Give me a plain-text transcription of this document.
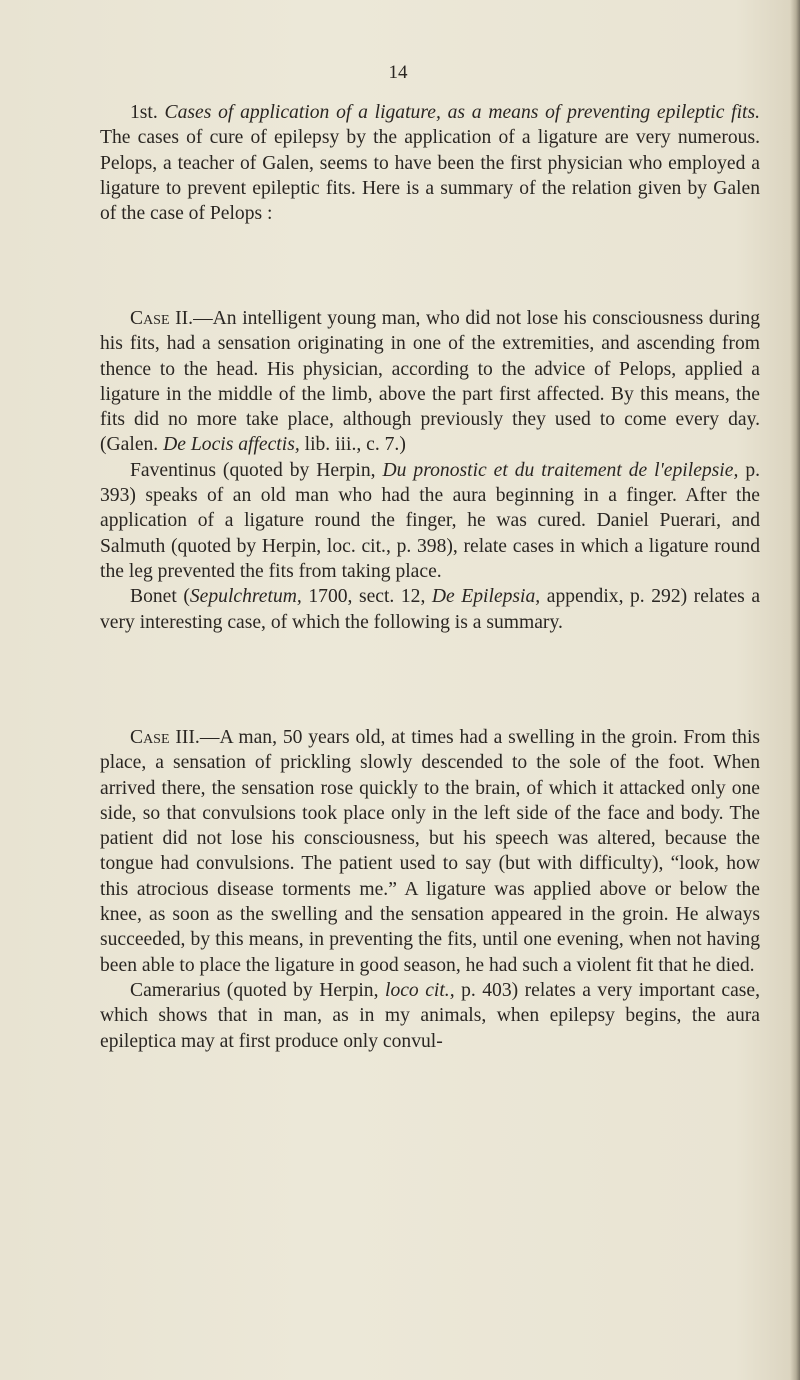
14

1st. Cases of application of a ligature, as a means of preventing epileptic fits. The cases of cure of epilepsy by the application of a ligature are very numerous. Pelops, a teacher of Galen, seems to have been the first physician who employed a ligature to prevent epileptic fits. Here is a summary of the relation given by Galen of the case of Pelops :

Case II.—An intelligent young man, who did not lose his consciousness during his fits, had a sensation originating in one of the extremities, and ascending from thence to the head. His physician, according to the advice of Pelops, applied a ligature in the middle of the limb, above the part first affected. By this means, the fits did no more take place, although previously they used to come every day. (Galen. De Locis affectis, lib. iii., c. 7.)

Faventinus (quoted by Herpin, Du pronostic et du traitement de l'epilepsie, p. 393) speaks of an old man who had the aura beginning in a finger. After the application of a ligature round the finger, he was cured. Daniel Puerari, and Salmuth (quoted by Herpin, loc. cit., p. 398), relate cases in which a ligature round the leg prevented the fits from taking place.

Bonet (Sepulchretum, 1700, sect. 12, De Epilepsia, appendix, p. 292) relates a very interesting case, of which the following is a summary.

Case III.—A man, 50 years old, at times had a swelling in the groin. From this place, a sensation of prickling slowly descended to the sole of the foot. When arrived there, the sensation rose quickly to the brain, of which it attacked only one side, so that convulsions took place only in the left side of the face and body. The patient did not lose his consciousness, but his speech was altered, because the tongue had convulsions. The patient used to say (but with difficulty), “look, how this atrocious disease torments me.” A ligature was applied above or below the knee, as soon as the swelling and the sensation appeared in the groin. He always succeeded, by this means, in preventing the fits, until one evening, when not having been able to place the ligature in good season, he had such a violent fit that he died.

Camerarius (quoted by Herpin, loco cit., p. 403) relates a very important case, which shows that in man, as in my animals, when epilepsy begins, the aura epileptica may at first produce only convul-
